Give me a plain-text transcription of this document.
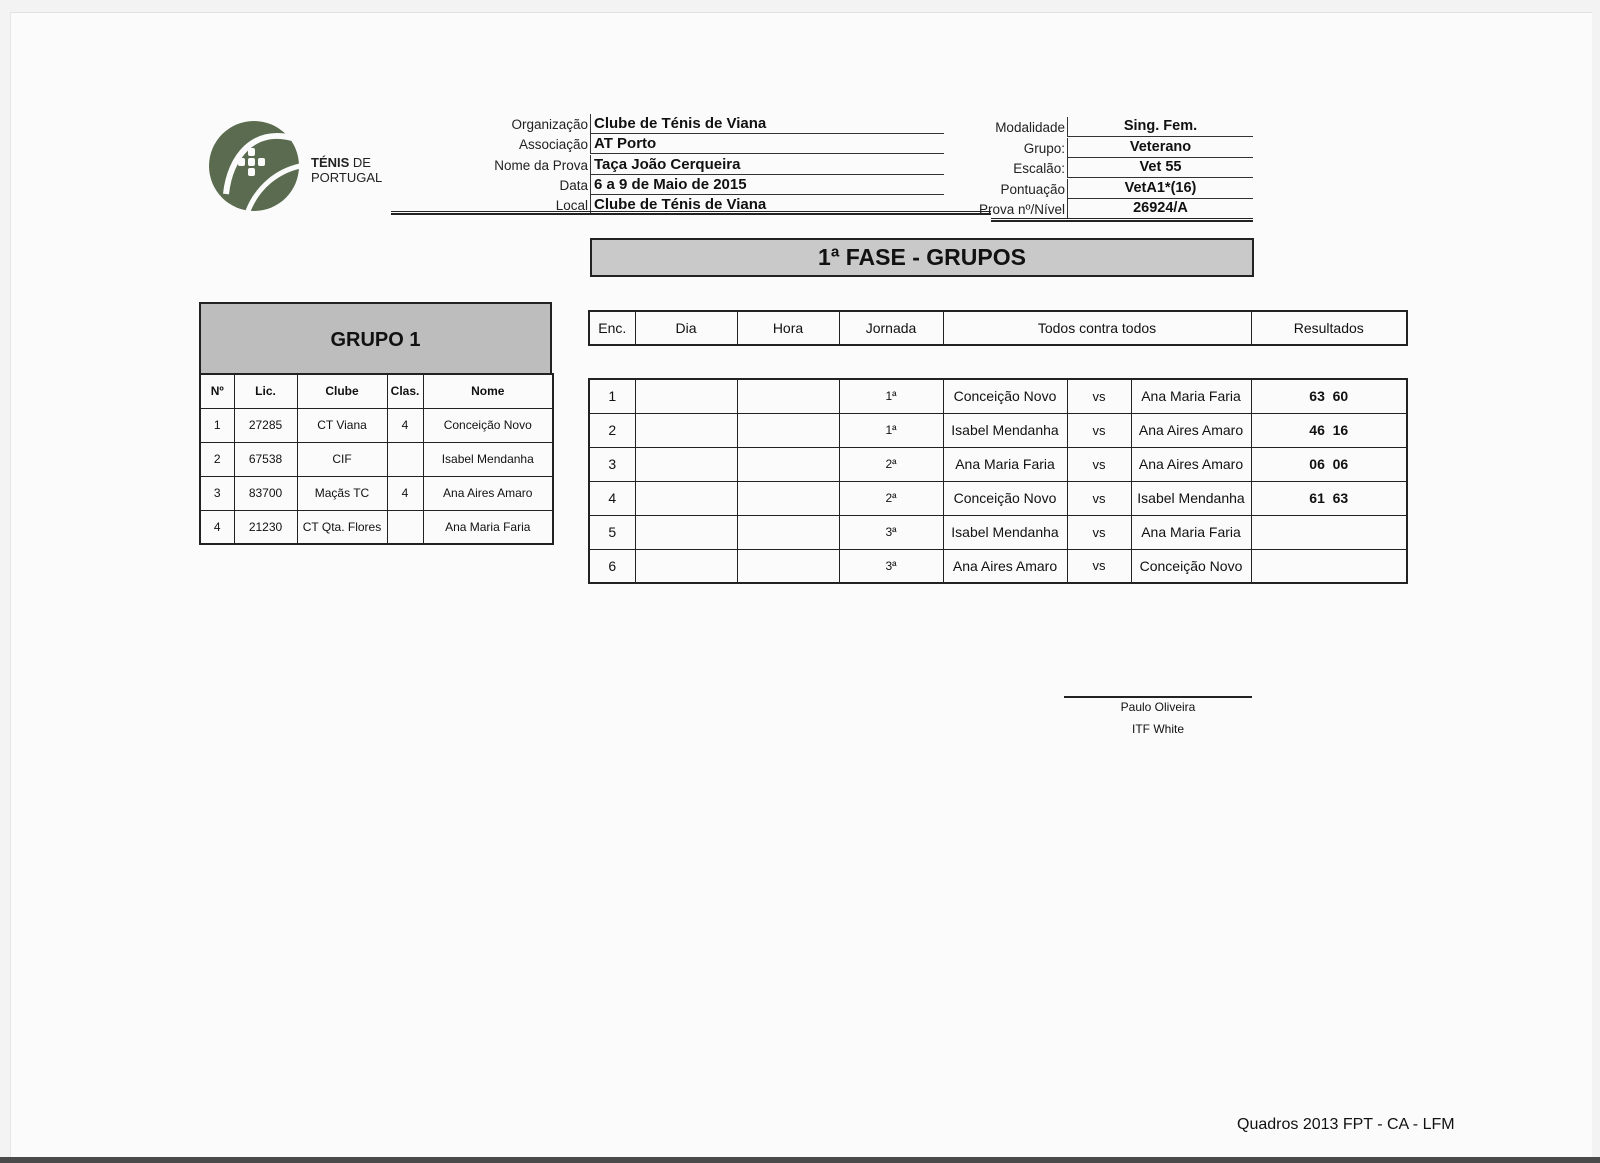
TÉNIS DE
PORTUGAL
Organização Clube de Ténis de Viana
Associação AT Porto
Nome da Prova Taça João Cerqueira
Data 6 a 9 de Maio de 2015
Local Clube de Ténis de Viana
Modalidade	Sing. Fem.
Grupo:	Veterano
Escalão:	Vet 55
Pontuação	VetA1*(16)
Prova nº/Nível	26924/A
1ª FASE - GRUPOS
GRUPO 1
Nº	Lic.	Clube	Clas.	Nome
1	27285	CT Viana	4	Conceição Novo
2	67538	CIF		Isabel Mendanha
3	83700	Maçãs TC	4	Ana Aires Amaro
4	21230	CT Qta. Flores		Ana Maria Faria
Enc.	Dia	Hora	Jornada	Todos contra todos	Resultados
1			1ª	Conceição Novo	vs	Ana Maria Faria	63  60
2			1ª	Isabel Mendanha	vs	Ana Aires Amaro	46  16
3			2ª	Ana Maria Faria	vs	Ana Aires Amaro	06  06
4			2ª	Conceição Novo	vs	Isabel Mendanha	61  63
5			3ª	Isabel Mendanha	vs	Ana Maria Faria	
6			3ª	Ana Aires Amaro	vs	Conceição Novo	
Paulo Oliveira
ITF White
Quadros 2013 FPT - CA - LFM
